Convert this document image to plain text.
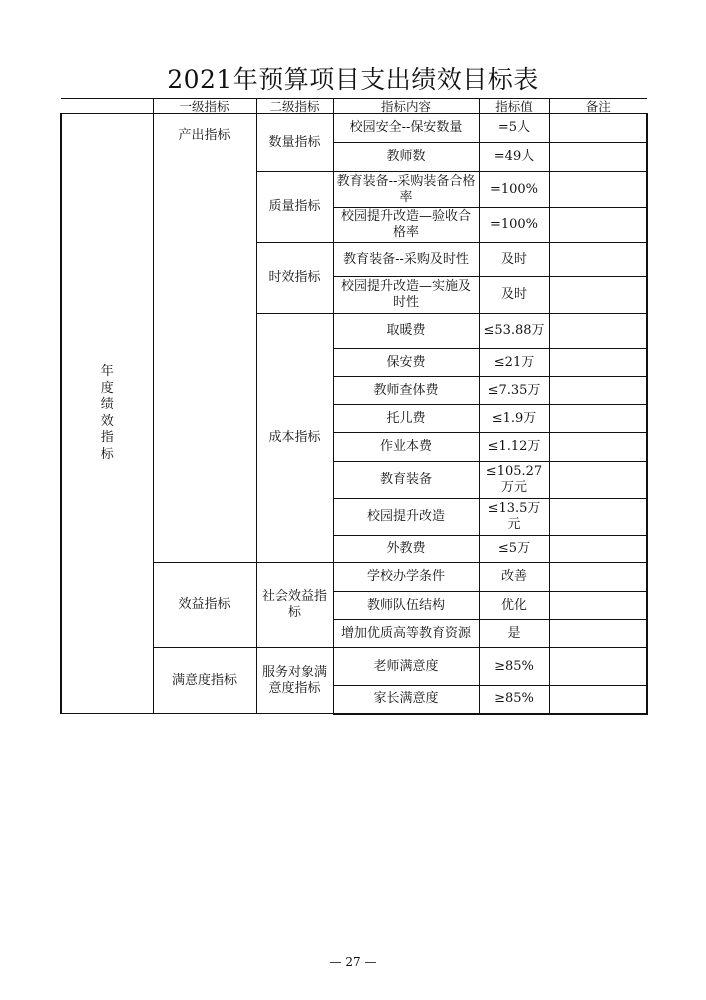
2021年预算项目支出绩效目标表
	一级指标	二级指标	指标内容	指标值	备注

年度绩效指标	产出指标	数量指标	校园安全--保安数量	=5人	
			教师数	=49人	
		质量指标	教育装备--采购装备合格率	=100%	
			校园提升改造—验收合格率	=100%	
		时效指标	教育装备--采购及时性	及时	
			校园提升改造—实施及时性	及时	
		成本指标	取暖费	≤53.88万	
			保安费	≤21万	
			教师查体费	≤7.35万	
			托儿费	≤1.9万	
			作业本费	≤1.12万	
			教育装备	≤105.27万元	
			校园提升改造	≤13.5万元	
			外教费	≤5万	
	效益指标	社会效益指标	学校办学条件	改善	
			教师队伍结构	优化	
			增加优质高等教育资源	是	
	满意度指标	服务对象满意度指标	老师满意度	≥85%	
			家长满意度	≥85%	
— 27 —
